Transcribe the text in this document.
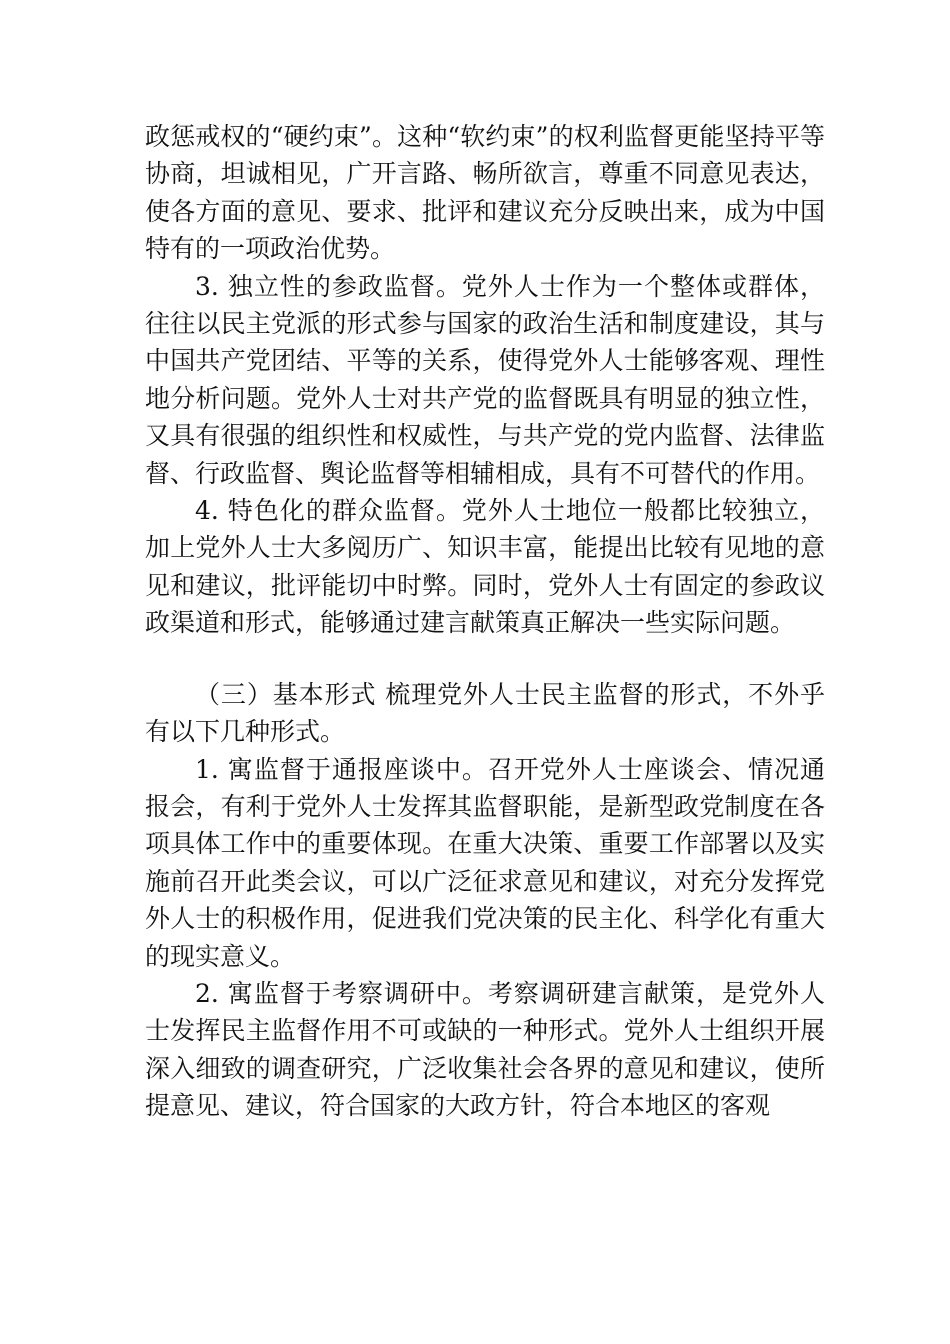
政惩戒权的“硬约束”。这种“软约束”的权利监督更能坚持平等协商，坦诚相见，广开言路、畅所欲言，尊重不同意见表达，使各方面的意见、要求、批评和建议充分反映出来，成为中国特有的一项政治优势。

3. 独立性的参政监督。党外人士作为一个整体或群体，往往以民主党派的形式参与国家的政治生活和制度建设，其与中国共产党团结、平等的关系，使得党外人士能够客观、理性地分析问题。党外人士对共产党的监督既具有明显的独立性，又具有很强的组织性和权威性，与共产党的党内监督、法律监督、行政监督、舆论监督等相辅相成，具有不可替代的作用。

4. 特色化的群众监督。党外人士地位一般都比较独立，加上党外人士大多阅历广、知识丰富，能提出比较有见地的意见和建议，批评能切中时弊。同时，党外人士有固定的参政议政渠道和形式，能够通过建言献策真正解决一些实际问题。

（三）基本形式 梳理党外人士民主监督的形式，不外乎有以下几种形式。

1. 寓监督于通报座谈中。召开党外人士座谈会、情况通报会，有利于党外人士发挥其监督职能，是新型政党制度在各项具体工作中的重要体现。在重大决策、重要工作部署以及实施前召开此类会议，可以广泛征求意见和建议，对充分发挥党外人士的积极作用，促进我们党决策的民主化、科学化有重大的现实意义。

2. 寓监督于考察调研中。考察调研建言献策，是党外人士发挥民主监督作用不可或缺的一种形式。党外人士组织开展深入细致的调查研究，广泛收集社会各界的意见和建议，使所提意见、建议，符合国家的大政方针，符合本地区的客观
